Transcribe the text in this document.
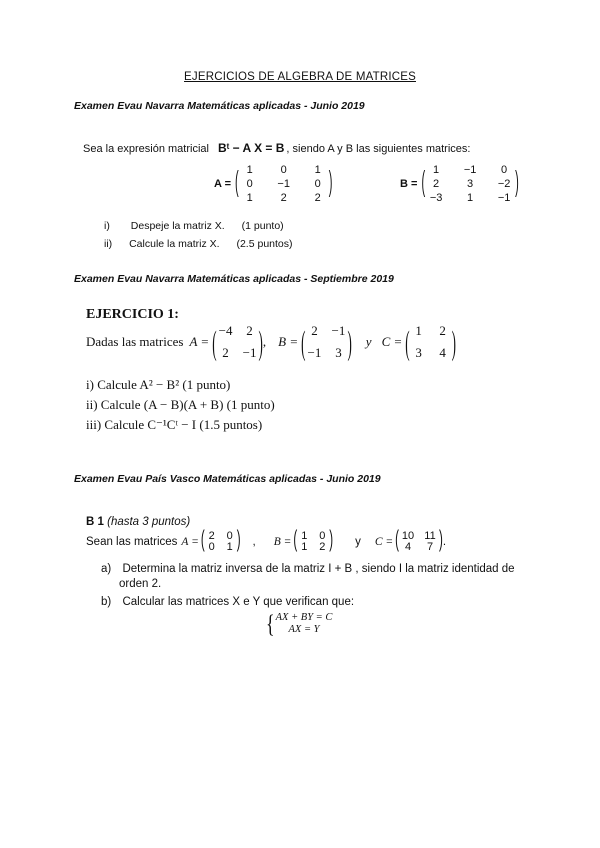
EJERCICIOS DE ALGEBRA DE MATRICES
Examen Evau Navarra Matemáticas aplicadas - Junio 2019
Sea la expresión matricial Bᵗ − A X = B , siendo A y B las siguientes matrices:
A = ( 1	0	1
0	−1	0
1	2	2 )	B = ( 1	−1	0
2	3	−2
−3	1	−1 )
i) Despeje la matriz X. (1 punto)
ii) Calcule la matriz X. (2.5 puntos)
Examen Evau Navarra Matemáticas aplicadas - Septiembre 2019
EJERCICIO 1:
Dadas las matrices A = ( −4	2
2	−1 ) , B = ( 2	−1
−1	3 ) y C = ( 1	2
3	4 )
i) Calcule A² − B² (1 punto)
ii) Calcule (A − B)(A + B) (1 punto)
iii) Calcule C⁻¹Cᵗ − I (1.5 puntos)
Examen Evau País Vasco Matemáticas aplicadas - Junio 2019
B 1 (hasta 3 puntos)
Sean las matrices A = ( 2	0
0	1 ) , B = ( 1	0
1	2 ) y C = ( 10 11
4	7 ) .
a) Determina la matriz inversa de la matriz I + B , siendo I la matriz identidad de
orden 2.
b) Calcular las matrices X e Y que verifican que:
{ AX + BY = C
AX = Y
